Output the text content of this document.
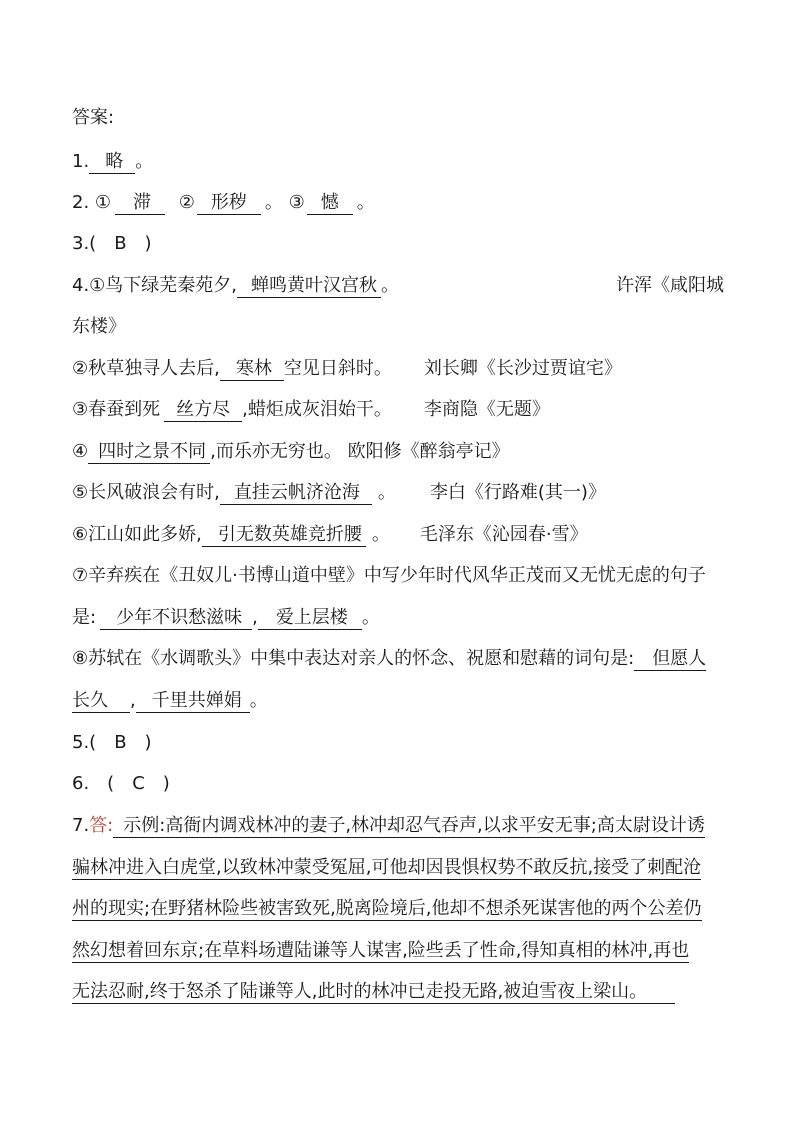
答案:
1. 略 。
2. ① 滞 ② 形秽 。 ③ 憾 。
3.(　B　)
4.①鸟下绿芜秦苑夕, 蝉鸣黄叶汉宫秋 。	许浑《咸阳城
东楼》
②秋草独寻人去后, 寒林 空见日斜时。 刘长卿《长沙过贾谊宅》
③春蚕到死 丝方尽 ,蜡炬成灰泪始干。 李商隐《无题》
④ 四时之景不同 ,而乐亦无穷也。 欧阳修《醉翁亭记》
⑤长风破浪会有时, 直挂云帆济沧海 。 李白《行路难(其一)》
⑥江山如此多娇, 引无数英雄竞折腰 。 毛泽东《沁园春·雪》
⑦辛弃疾在《丑奴儿·书博山道中壁》中写少年时代风华正茂而又无忧无虑的句子
是: 少年不识愁滋味 , 爱上层楼 。
⑧苏轼在《水调歌头》中集中表达对亲人的怀念、祝愿和慰藉的词句是: 但愿人
长久 , 千里共婵娟 。
5.(　B　)
6.　(　C　)
7.答: 示例:高衙内调戏林冲的妻子,林冲却忍气吞声,以求平安无事;高太尉设计诱
骗林冲进入白虎堂,以致林冲蒙受冤屈,可他却因畏惧权势不敢反抗,接受了刺配沧
州的现实;在野猪林险些被害致死,脱离险境后,他却不想杀死谋害他的两个公差仍
然幻想着回东京;在草料场遭陆谦等人谋害,险些丢了性命,得知真相的林冲,再也
无法忍耐,终于怒杀了陆谦等人,此时的林冲已走投无路,被迫雪夜上梁山。
